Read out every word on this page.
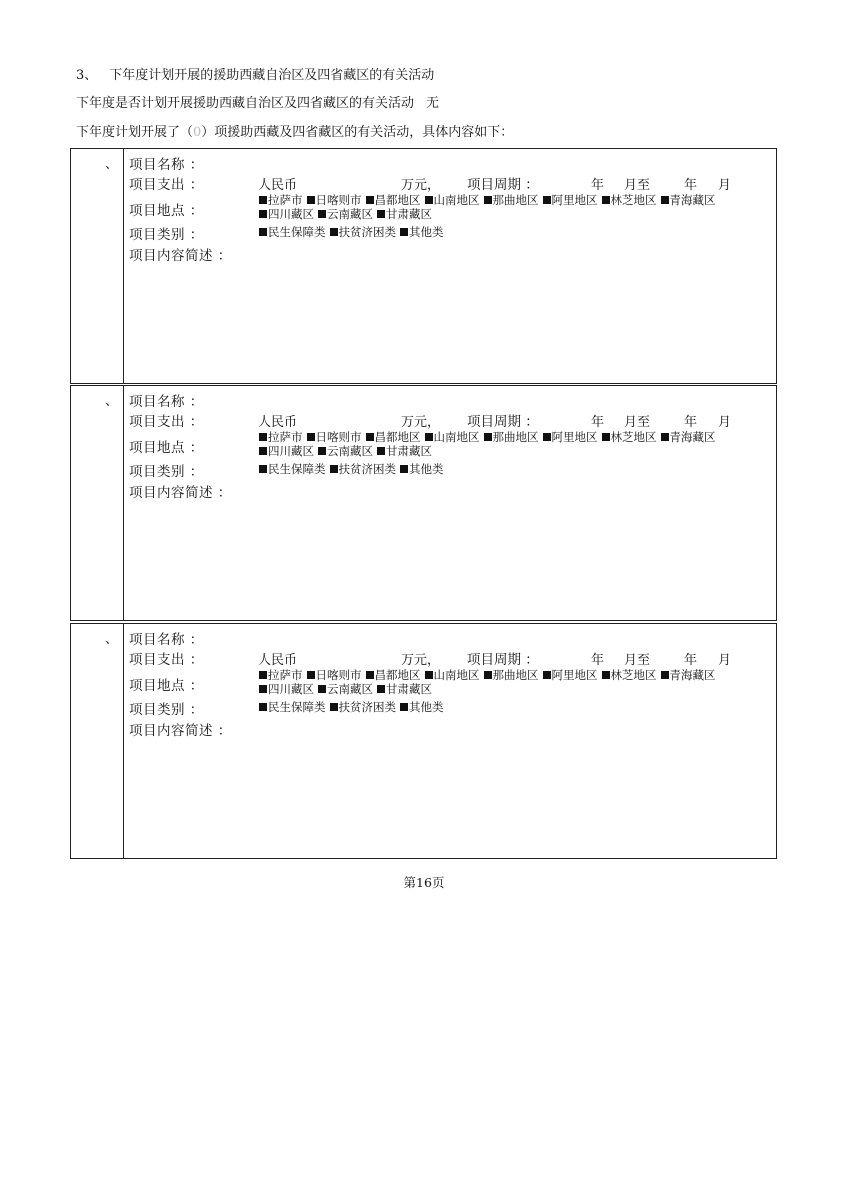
3、 下年度计划开展的援助西藏自治区及四省藏区的有关活动
下年度是否计划开展援助西藏自治区及四省藏区的有关活动 无
下年度计划开展了（0）项援助西藏及四省藏区的有关活动，具体内容如下：
、 项目名称 ：
项目支出 ：	人民币	万元， 项目周期 ：	年 月至	年 月
项目地点 ：
拉萨市 日喀则市 昌都地区 山南地区 那曲地区 阿里地区 林芝地区 青海藏区四川藏区 云南藏区 甘肃藏区
项目类别 ：	民生保障类 扶贫济困类 其他类
项目内容简述 ：
、 项目名称 ：
项目支出 ：	人民币	万元， 项目周期 ：	年 月至	年 月
项目地点 ：
拉萨市 日喀则市 昌都地区 山南地区 那曲地区 阿里地区 林芝地区 青海藏区四川藏区 云南藏区 甘肃藏区
项目类别 ：	民生保障类 扶贫济困类 其他类
项目内容简述 ：
、 项目名称 ：
项目支出 ：	人民币	万元， 项目周期 ：	年 月至	年 月
项目地点 ：
拉萨市 日喀则市 昌都地区 山南地区 那曲地区 阿里地区 林芝地区 青海藏区四川藏区 云南藏区 甘肃藏区
项目类别 ：	民生保障类 扶贫济困类 其他类
项目内容简述 ：
第16页
